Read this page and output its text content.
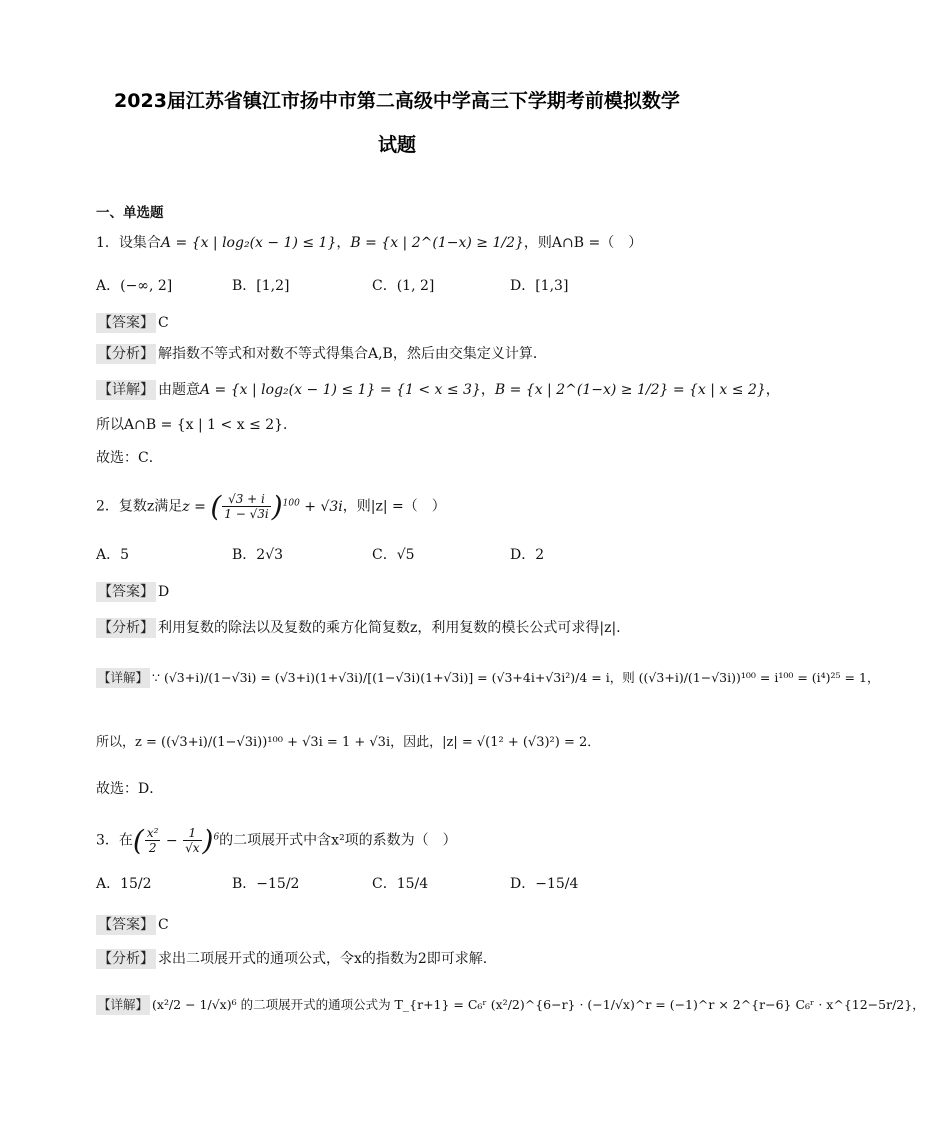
2023届江苏省镇江市扬中市第二高级中学高三下学期考前模拟数学
试题
一、单选题
1．设集合A = {x | log₂(x − 1) ≤ 1}，B = {x | 2^(1−x) ≥ 1/2}，则A∩B =（　）
A．(−∞, 2]	B．[1,2]	C．(1, 2]	D．[1,3]
【答案】 C
【分析】 解指数不等式和对数不等式得集合A,B，然后由交集定义计算．
【详解】 由题意A = {x | log₂(x − 1) ≤ 1} = {1 < x ≤ 3}，B = {x | 2^(1−x) ≥ 1/2} = {x | x ≤ 2}，
所以A∩B = {x | 1 < x ≤ 2}．
故选：C．
2．复数z满足z = ( $\frac{√3 + i}{1 - √3i} )^{100} + √3i$，则|z| =（　）
A．5	B．2√3	C．√5	D．2
【答案】 D
【分析】 利用复数的除法以及复数的乘方化简复数z，利用复数的模长公式可求得|z|.
【详解】 ∵ (√3+i)/(1−√3i) = (√3+i)(1+√3i)/[(1−√3i)(1+√3i)] = (√3+4i+√3i²)/4 = i，则 ((√3+i)/(1−√3i))¹⁰⁰ = i¹⁰⁰ = (i⁴)²⁵ = 1，
所以，z = ((√3+i)/(1−√3i))¹⁰⁰ + √3i = 1 + √3i，因此，|z| = √(1² + (√3)²) = 2．
故选：D．
3．在( $\frac{\text{x²}}{2} - \frac{1}{√x} )^6$的二项展开式中含x²项的系数为（　）
A．15/2	B．−15/2	C．15/4	D．−15/4
【答案】 C
【分析】 求出二项展开式的通项公式，令x的指数为2即可求解.
【详解】 (x²/2 − 1/√x)⁶ 的二项展开式的通项公式为 T_{r+1} = C₆ʳ (x²/2)^{6−r} · (−1/√x)^r = (−1)^r × 2^{r−6} C₆ʳ · x^{12−5r/2}，
